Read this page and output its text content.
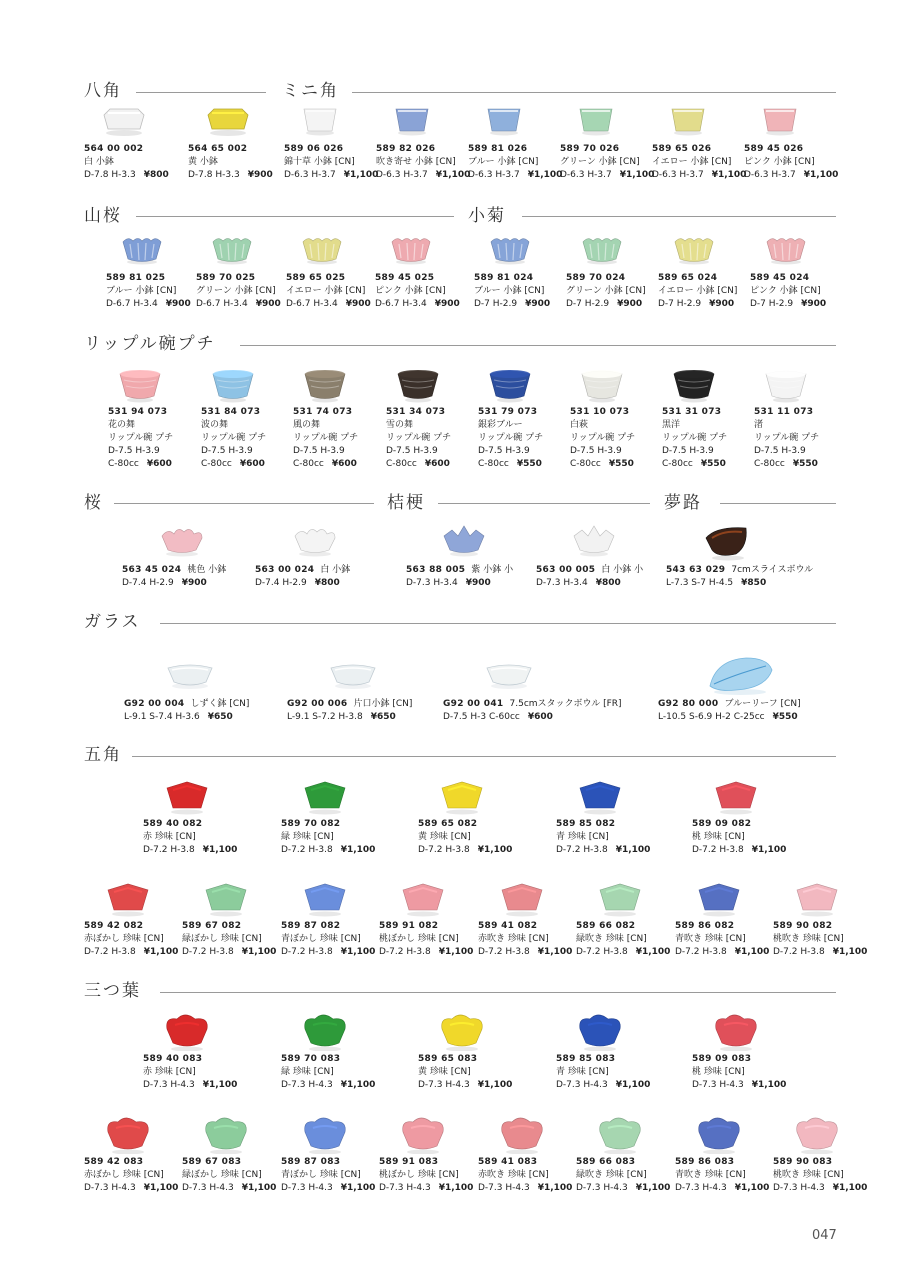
八角	ミニ角
山桜	小菊
リップル碗プチ
桜	桔梗	夢路
ガラス
五角
三つ葉
564 00 002
白 小鉢
D-7.8 H-3.3 ¥800
564 65 002
黄 小鉢
D-7.8 H-3.3 ¥900
589 06 026
錦十草 小鉢 [CN]
D-6.3 H-3.7 ¥1,100
589 82 026
吹き寄せ 小鉢 [CN]
D-6.3 H-3.7 ¥1,100
589 81 026
ブルー 小鉢 [CN]
D-6.3 H-3.7 ¥1,100
589 70 026
グリーン 小鉢 [CN]
D-6.3 H-3.7 ¥1,100
589 65 026
イエロー 小鉢 [CN]
D-6.3 H-3.7 ¥1,100
589 45 026
ピンク 小鉢 [CN]
D-6.3 H-3.7 ¥1,100
589 81 025
ブルー 小鉢 [CN]
D-6.7 H-3.4 ¥900
589 70 025
グリーン 小鉢 [CN]
D-6.7 H-3.4 ¥900
589 65 025
イエロー 小鉢 [CN]
D-6.7 H-3.4 ¥900
589 45 025
ピンク 小鉢 [CN]
D-6.7 H-3.4 ¥900
589 81 024
ブルー 小鉢 [CN]
D-7 H-2.9 ¥900
589 70 024
グリーン 小鉢 [CN]
D-7 H-2.9 ¥900
589 65 024
イエロー 小鉢 [CN]
D-7 H-2.9 ¥900
589 45 024
ピンク 小鉢 [CN]
D-7 H-2.9 ¥900
531 94 073
花の舞
リップル碗 プチ
D-7.5 H-3.9
C-80cc ¥600
531 84 073
波の舞
リップル碗 プチ
D-7.5 H-3.9
C-80cc ¥600
531 74 073
風の舞
リップル碗 プチ
D-7.5 H-3.9
C-80cc ¥600
531 34 073
雪の舞
リップル碗 プチ
D-7.5 H-3.9
C-80cc ¥600
531 79 073
銀彩ブルー
リップル碗 プチ
D-7.5 H-3.9
C-80cc ¥550
531 10 073
白萩
リップル碗 プチ
D-7.5 H-3.9
C-80cc ¥550
531 31 073
黒洋
リップル碗 プチ
D-7.5 H-3.9
C-80cc ¥550
531 11 073
渚
リップル碗 プチ
D-7.5 H-3.9
C-80cc ¥550
563 45 024 桃色 小鉢
D-7.4 H-2.9 ¥900
563 00 024 白 小鉢
D-7.4 H-2.9 ¥800
563 88 005 紫 小鉢 小
D-7.3 H-3.4 ¥900
563 00 005 白 小鉢 小
D-7.3 H-3.4 ¥800
543 63 029 7cmスライスボウル
L-7.3 S-7 H-4.5 ¥850
G92 00 004 しずく鉢 [CN]
L-9.1 S-7.4 H-3.6 ¥650
G92 00 006 片口小鉢 [CN]
L-9.1 S-7.2 H-3.8 ¥650
G92 00 041 7.5cmスタックボウル [FR]
D-7.5 H-3 C-60cc ¥600
G92 80 000 ブルーリーフ [CN]
L-10.5 S-6.9 H-2 C-25cc ¥550
589 40 082
赤 珍味 [CN]
D-7.2 H-3.8 ¥1,100
589 70 082
緑 珍味 [CN]
D-7.2 H-3.8 ¥1,100
589 65 082
黄 珍味 [CN]
D-7.2 H-3.8 ¥1,100
589 85 082
青 珍味 [CN]
D-7.2 H-3.8 ¥1,100
589 09 082
桃 珍味 [CN]
D-7.2 H-3.8 ¥1,100
589 42 082
赤ぼかし 珍味 [CN]
D-7.2 H-3.8 ¥1,100
589 67 082
緑ぼかし 珍味 [CN]
D-7.2 H-3.8 ¥1,100
589 87 082
青ぼかし 珍味 [CN]
D-7.2 H-3.8 ¥1,100
589 91 082
桃ぼかし 珍味 [CN]
D-7.2 H-3.8 ¥1,100
589 41 082
赤吹き 珍味 [CN]
D-7.2 H-3.8 ¥1,100
589 66 082
緑吹き 珍味 [CN]
D-7.2 H-3.8 ¥1,100
589 86 082
青吹き 珍味 [CN]
D-7.2 H-3.8 ¥1,100
589 90 082
桃吹き 珍味 [CN]
D-7.2 H-3.8 ¥1,100
589 40 083
赤 珍味 [CN]
D-7.3 H-4.3 ¥1,100
589 70 083
緑 珍味 [CN]
D-7.3 H-4.3 ¥1,100
589 65 083
黄 珍味 [CN]
D-7.3 H-4.3 ¥1,100
589 85 083
青 珍味 [CN]
D-7.3 H-4.3 ¥1,100
589 09 083
桃 珍味 [CN]
D-7.3 H-4.3 ¥1,100
589 42 083
赤ぼかし 珍味 [CN]
D-7.3 H-4.3 ¥1,100
589 67 083
緑ぼかし 珍味 [CN]
D-7.3 H-4.3 ¥1,100
589 87 083
青ぼかし 珍味 [CN]
D-7.3 H-4.3 ¥1,100
589 91 083
桃ぼかし 珍味 [CN]
D-7.3 H-4.3 ¥1,100
589 41 083
赤吹き 珍味 [CN]
D-7.3 H-4.3 ¥1,100
589 66 083
緑吹き 珍味 [CN]
D-7.3 H-4.3 ¥1,100
589 86 083
青吹き 珍味 [CN]
D-7.3 H-4.3 ¥1,100
589 90 083
桃吹き 珍味 [CN]
D-7.3 H-4.3 ¥1,100
047
